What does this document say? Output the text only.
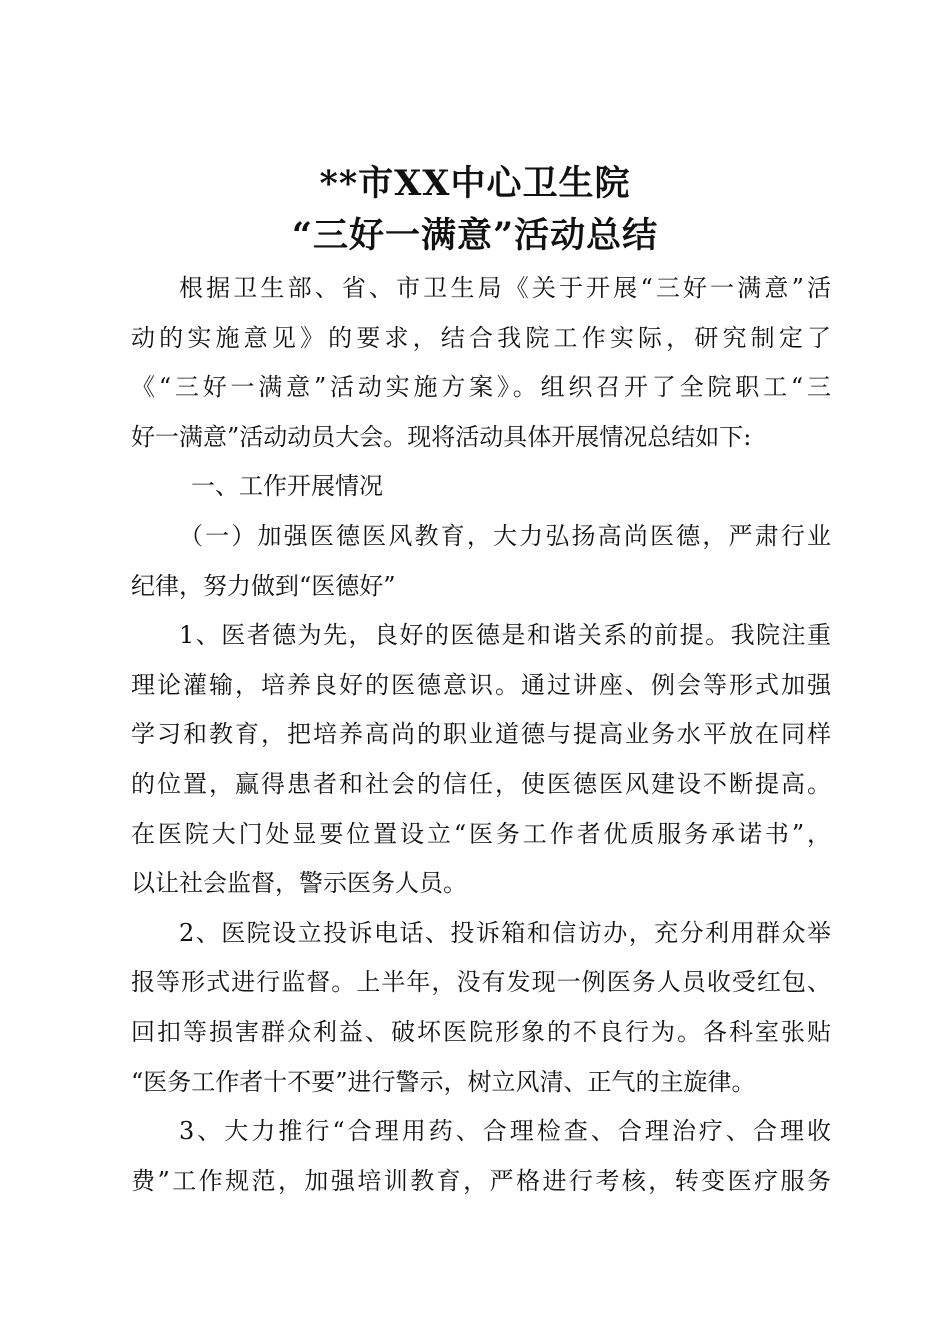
**市XX中心卫生院
“三好一满意”活动总结
根据卫生部、省、市卫生局《关于开展“三好一满意”活
动的实施意见》的要求，结合我院工作实际，研究制定了
《“三好一满意”活动实施方案》。组织召开了全院职工“三
好一满意”活动动员大会。现将活动具体开展情况总结如下:
一、工作开展情况
（一）加强医德医风教育，大力弘扬高尚医德，严肃行业
纪律，努力做到“医德好”
1、医者德为先，良好的医德是和谐关系的前提。我院注重
理论灌输，培养良好的医德意识。通过讲座、例会等形式加强
学习和教育，把培养高尚的职业道德与提高业务水平放在同样
的位置，赢得患者和社会的信任，使医德医风建设不断提高。
在医院大门处显要位置设立“医务工作者优质服务承诺书”，
以让社会监督，警示医务人员。
2、医院设立投诉电话、投诉箱和信访办，充分利用群众举
报等形式进行监督。上半年，没有发现一例医务人员收受红包、
回扣等损害群众利益、破坏医院形象的不良行为。各科室张贴
“医务工作者十不要”进行警示，树立风清、正气的主旋律。
3、大力推行“合理用药、合理检查、合理治疗、合理收
费”工作规范，加强培训教育，严格进行考核，转变医疗服务
